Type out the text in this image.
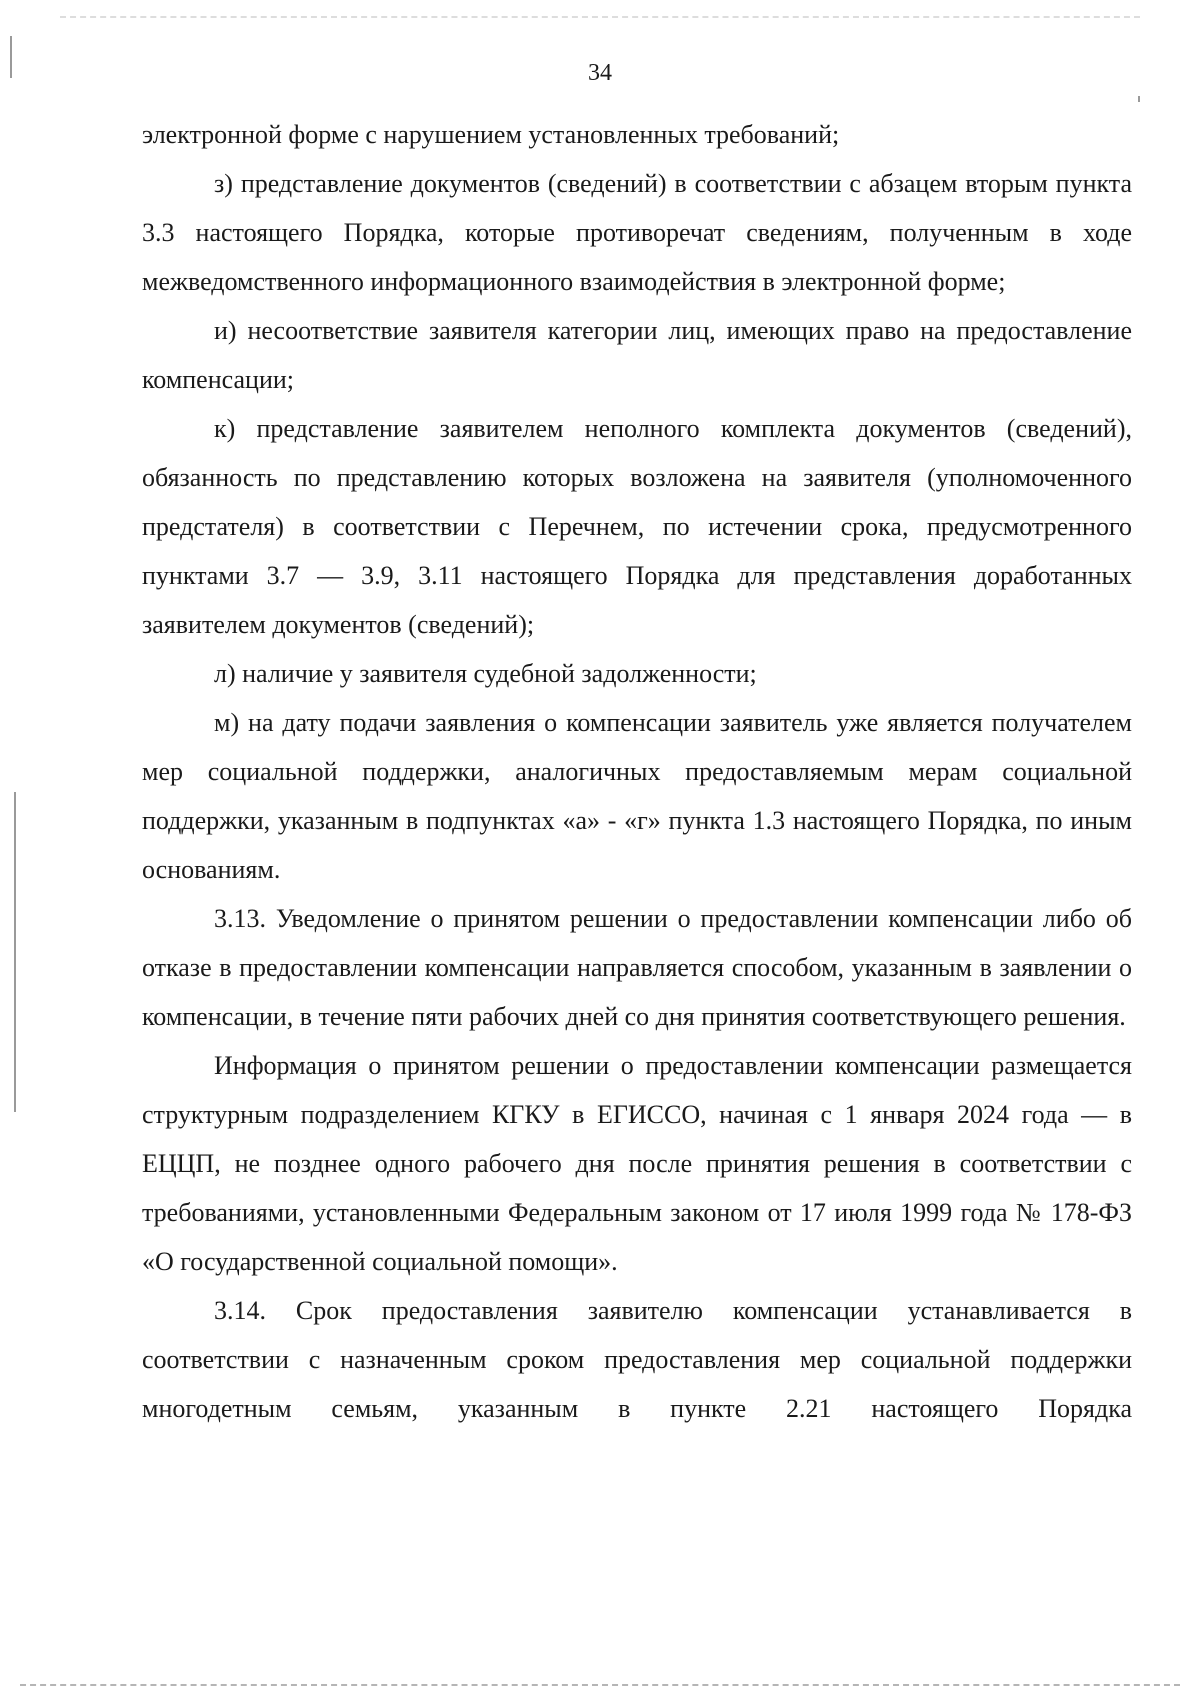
34

электронной форме с нарушением установленных требований;

з) представление документов (сведений) в соответствии с абзацем вторым пункта 3.3 настоящего Порядка, которые противоречат сведениям, полученным в ходе межведомственного информационного взаимодействия в электронной форме;

и) несоответствие заявителя категории лиц, имеющих право на предоставление компенсации;

к) представление заявителем неполного комплекта документов (сведений), обязанность по представлению которых возложена на заявителя (уполномоченного предстателя) в соответствии с Перечнем, по истечении срока, предусмотренного пунктами 3.7 — 3.9, 3.11 настоящего Порядка для представления доработанных заявителем документов (сведений);

л) наличие у заявителя судебной задолженности;

м) на дату подачи заявления о компенсации заявитель уже является получателем мер социальной поддержки, аналогичных предоставляемым мерам социальной поддержки, указанным в подпунктах «а» - «г» пункта 1.3 настоящего Порядка, по иным основаниям.

3.13. Уведомление о принятом решении о предоставлении компенсации либо об отказе в предоставлении компенсации направляется способом, указанным в заявлении о компенсации, в течение пяти рабочих дней со дня принятия соответствующего решения.

Информация о принятом решении о предоставлении компенсации размещается структурным подразделением КГКУ в ЕГИССО, начиная с 1 января 2024 года — в ЕЦЦП, не позднее одного рабочего дня после принятия решения в соответствии с требованиями, установленными Федеральным законом от 17 июля 1999 года № 178-ФЗ «О государственной социальной помощи».

3.14. Срок предоставления заявителю компенсации устанавливается в соответствии с назначенным сроком предоставления мер социальной поддержки многодетным семьям, указанным в пункте 2.21 настоящего Порядка
